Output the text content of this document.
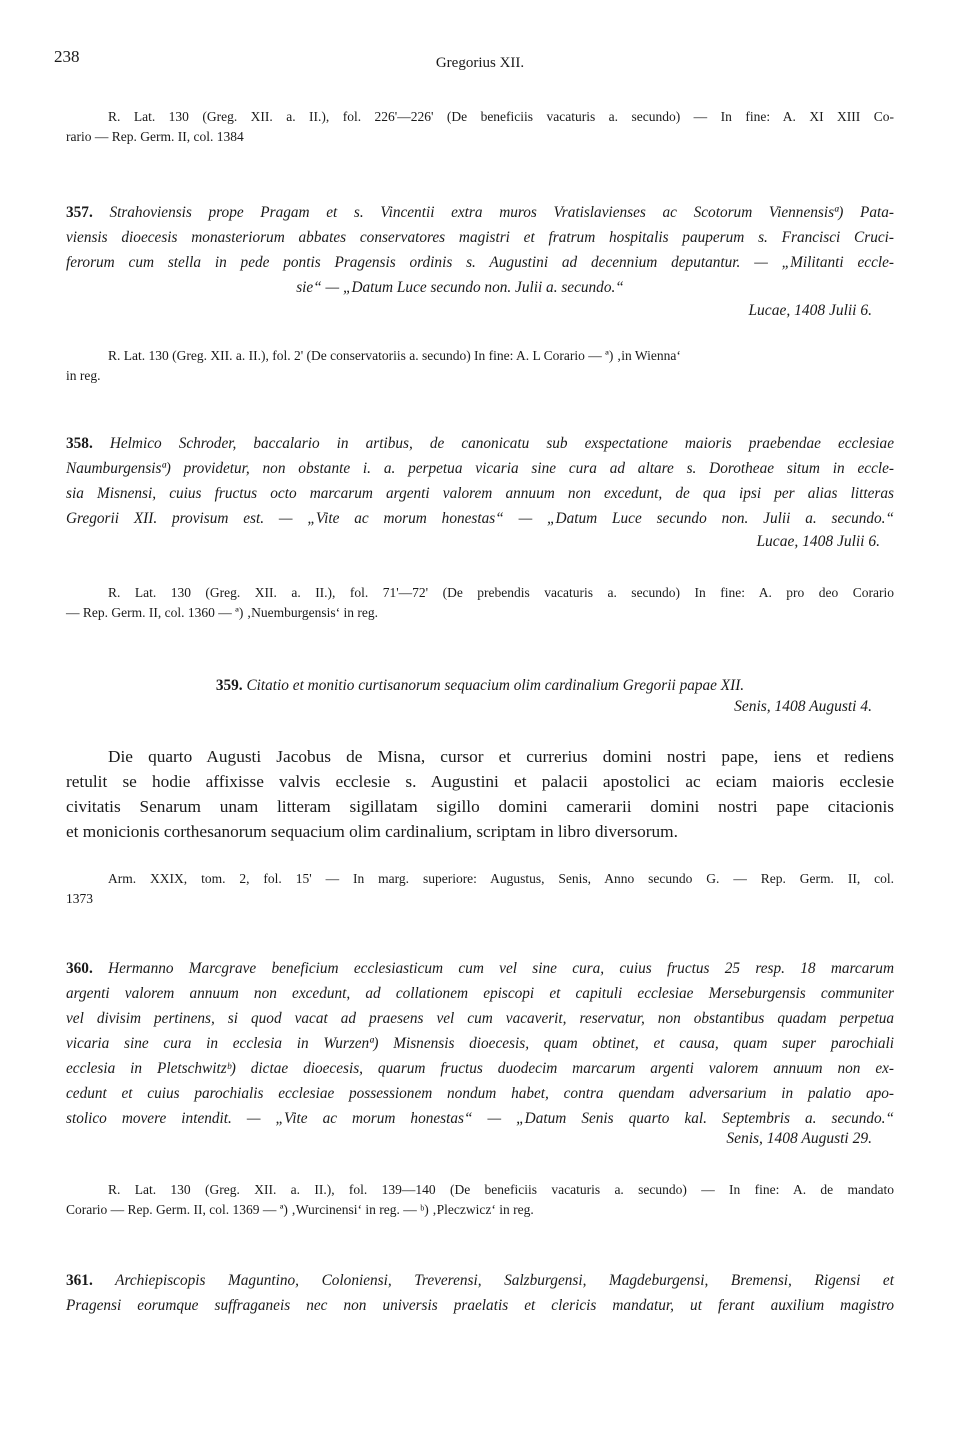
238	Gregorius XII.
R. Lat. 130 (Greg. XII. a. II.), fol. 226'—226' (De beneficiis vacaturis a. secundo) — In fine: A. XI XIII Co-
rario — Rep. Germ. II, col. 1384
357. Strahoviensis prope Pragam et s. Vincentii extra muros Vratislavienses ac Scotorum Viennensisª) Pata-
viensis dioecesis monasteriorum abbates conservatores magistri et fratrum hospitalis pauperum s. Francisci Cruci-
ferorum cum stella in pede pontis Pragensis ordinis s. Augustini ad decennium deputantur. — „Militanti eccle-
sie“ — „Datum Luce secundo non. Julii a. secundo.“
Lucae, 1408 Julii 6.
R. Lat. 130 (Greg. XII. a. II.), fol. 2' (De conservatoriis a. secundo) In fine: A. L Corario — ª) ‚in Wienna‘
in reg.
358. Helmico Schroder, baccalario in artibus, de canonicatu sub exspectatione maioris praebendae ecclesiae
Naumburgensisª) providetur, non obstante i. a. perpetua vicaria sine cura ad altare s. Dorotheae situm in eccle-
sia Misnensi, cuius fructus octo marcarum argenti valorem annuum non excedunt, de qua ipsi per alias litteras
Gregorii XII. provisum est. — „Vite ac morum honestas“ — „Datum Luce secundo non. Julii a. secundo.“
Lucae, 1408 Julii 6.
R. Lat. 130 (Greg. XII. a. II.), fol. 71'—72' (De prebendis vacaturis a. secundo) In fine: A. pro deo Corario
— Rep. Germ. II, col. 1360 — ª) ‚Nuemburgensis‘ in reg.
359. Citatio et monitio curtisanorum sequacium olim cardinalium Gregorii papae XII.
Senis, 1408 Augusti 4.
Die quarto Augusti Jacobus de Misna, cursor et currerius domini nostri pape, iens et rediens
retulit se hodie affixisse valvis ecclesie s. Augustini et palacii apostolici ac eciam maioris ecclesie
civitatis Senarum unam litteram sigillatam sigillo domini camerarii domini nostri pape citacionis
et monicionis corthesanorum sequacium olim cardinalium, scriptam in libro diversorum.
Arm. XXIX, tom. 2, fol. 15' — In marg. superiore: Augustus, Senis, Anno secundo G. — Rep. Germ. II, col.
1373
360. Hermanno Marcgrave beneficium ecclesiasticum cum vel sine cura, cuius fructus 25 resp. 18 marcarum
argenti valorem annuum non excedunt, ad collationem episcopi et capituli ecclesiae Merseburgensis communiter
vel divisim pertinens, si quod vacat ad praesens vel cum vacaverit, reservatur, non obstantibus quadam perpetua
vicaria sine cura in ecclesia in Wurzenª) Misnensis dioecesis, quam obtinet, et causa, quam super parochiali
ecclesia in Pletschwitzᵇ) dictae dioecesis, quarum fructus duodecim marcarum argenti valorem annuum non ex-
cedunt et cuius parochialis ecclesiae possessionem nondum habet, contra quendam adversarium in palatio apo-
stolico movere intendit. — „Vite ac morum honestas“ — „Datum Senis quarto kal. Septembris a. secundo.“
Senis, 1408 Augusti 29.
R. Lat. 130 (Greg. XII. a. II.), fol. 139—140 (De beneficiis vacaturis a. secundo) — In fine: A. de mandato
Corario — Rep. Germ. II, col. 1369 — ª) ‚Wurcinensi‘ in reg. — ᵇ) ‚Pleczwicz‘ in reg.
361. Archiepiscopis Maguntino, Coloniensi, Treverensi, Salzburgensi, Magdeburgensi, Bremensi, Rigensi et
Pragensi eorumque suffraganeis nec non universis praelatis et clericis mandatur, ut ferant auxilium magistro
